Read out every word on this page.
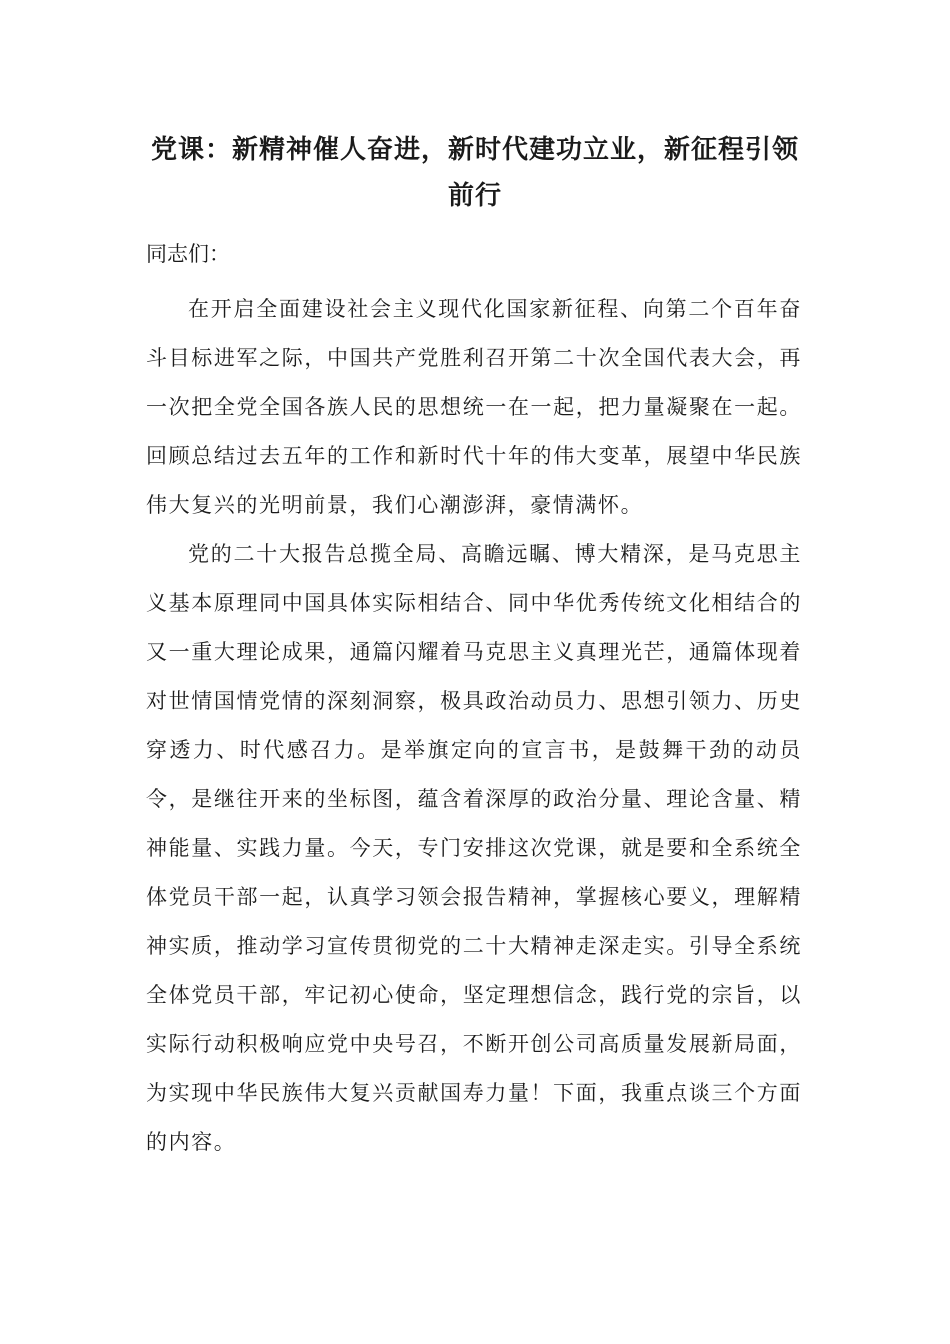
党课：新精神催人奋进，新时代建功立业，新征程引领前行

同志们：

在开启全面建设社会主义现代化国家新征程、向第二个百年奋斗目标进军之际，中国共产党胜利召开第二十次全国代表大会，再一次把全党全国各族人民的思想统一在一起，把力量凝聚在一起。回顾总结过去五年的工作和新时代十年的伟大变革，展望中华民族伟大复兴的光明前景，我们心潮澎湃，豪情满怀。

党的二十大报告总揽全局、高瞻远瞩、博大精深，是马克思主义基本原理同中国具体实际相结合、同中华优秀传统文化相结合的又一重大理论成果，通篇闪耀着马克思主义真理光芒，通篇体现着对世情国情党情的深刻洞察，极具政治动员力、思想引领力、历史穿透力、时代感召力。是举旗定向的宣言书，是鼓舞干劲的动员令，是继往开来的坐标图，蕴含着深厚的政治分量、理论含量、精神能量、实践力量。今天，专门安排这次党课，就是要和全系统全体党员干部一起，认真学习领会报告精神，掌握核心要义，理解精神实质，推动学习宣传贯彻党的二十大精神走深走实。引导全系统全体党员干部，牢记初心使命，坚定理想信念，践行党的宗旨，以实际行动积极响应党中央号召，不断开创公司高质量发展新局面，为实现中华民族伟大复兴贡献国寿力量！下面，我重点谈三个方面的内容。
